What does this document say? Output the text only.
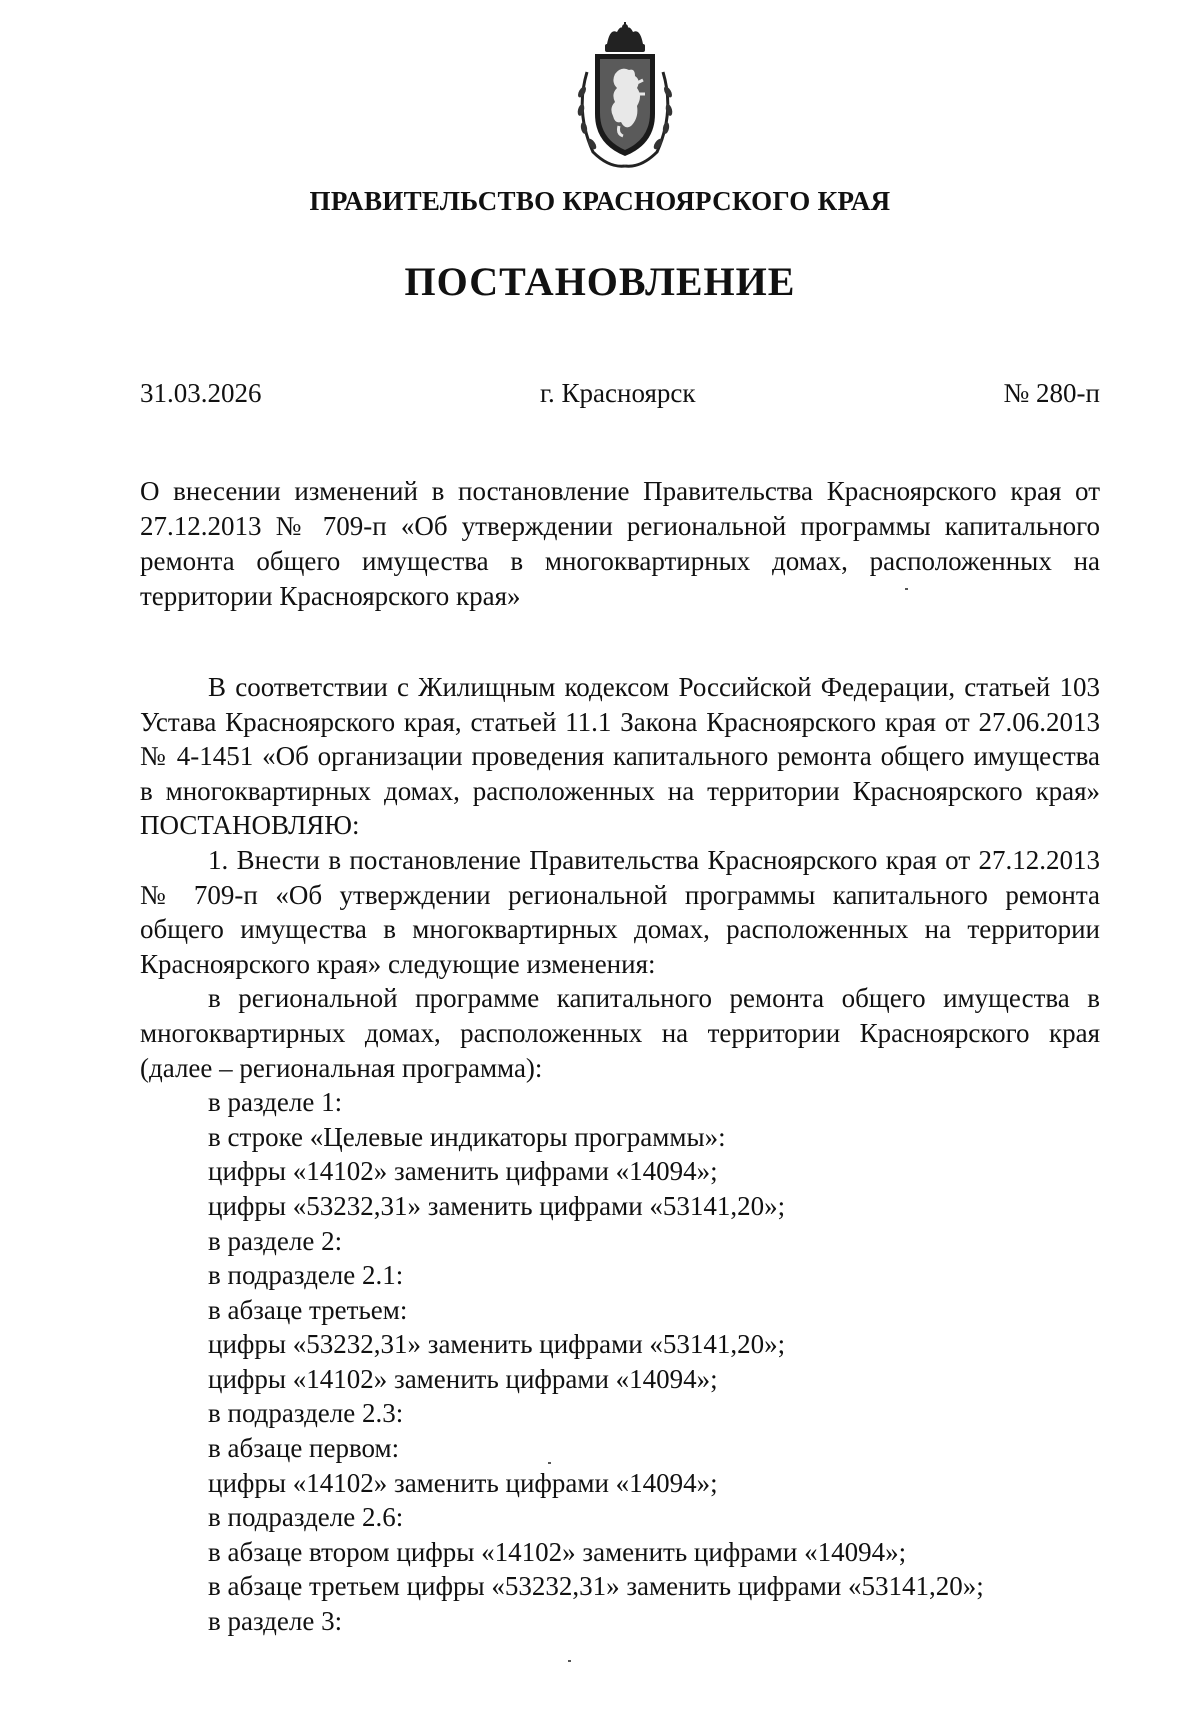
ПРАВИТЕЛЬСТВО КРАСНОЯРСКОГО КРАЯ
ПОСТАНОВЛЕНИЕ
31.03.2026	г. Красноярск	№ 280-п
О внесении изменений в постановление Правительства Красноярского края от 27.12.2013 № 709-п «Об утверждении региональной программы капитального ремонта общего имущества в многоквартирных домах, расположенных на территории Красноярского края»

В соответствии с Жилищным кодексом Российской Федерации, статьей 103 Устава Красноярского края, статьей 11.1 Закона Красноярского края от 27.06.2013 № 4-1451 «Об организации проведения капитального ремонта общего имущества в многоквартирных домах, расположенных на территории Красноярского края» ПОСТАНОВЛЯЮ:

1. Внести в постановление Правительства Красноярского края от 27.12.2013 № 709-п «Об утверждении региональной программы капитального ремонта общего имущества в многоквартирных домах, расположенных на территории Красноярского края» следующие изменения:

в региональной программе капитального ремонта общего имущества в многоквартирных домах, расположенных на территории Красноярского края (далее – региональная программа):

в разделе 1:

в строке «Целевые индикаторы программы»:

цифры «14102» заменить цифрами «14094»;

цифры «53232,31» заменить цифрами «53141,20»;

в разделе 2:

в подразделе 2.1:

в абзаце третьем:

цифры «53232,31» заменить цифрами «53141,20»;

цифры «14102» заменить цифрами «14094»;

в подразделе 2.3:

в абзаце первом:

цифры «14102» заменить цифрами «14094»;

в подразделе 2.6:

в абзаце втором цифры «14102» заменить цифрами «14094»;

в абзаце третьем цифры «53232,31» заменить цифрами «53141,20»;

в разделе 3:
